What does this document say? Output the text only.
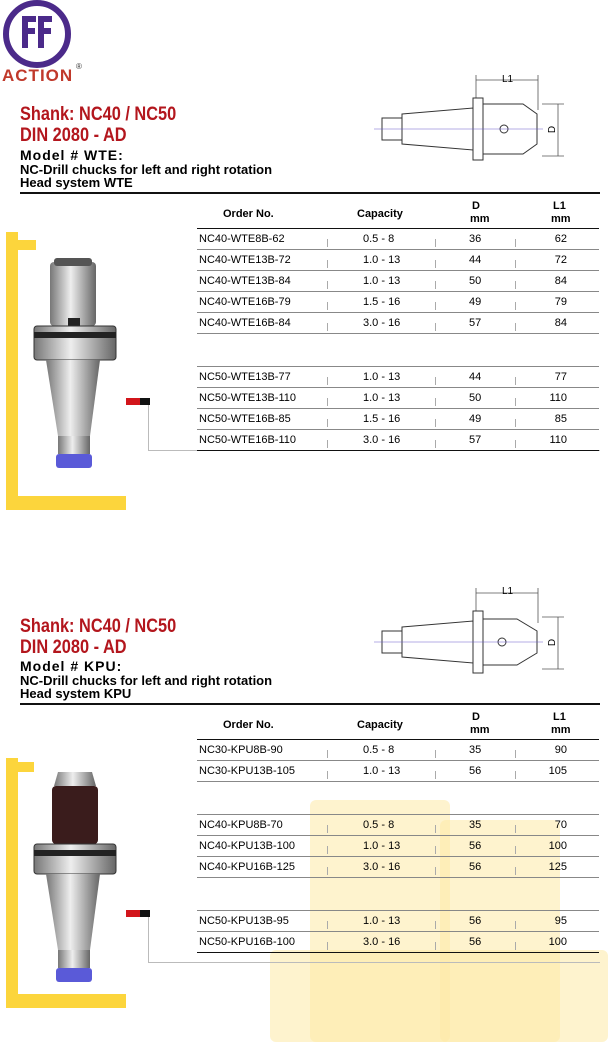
ACTION ®
Shank: NC40 / NC50
DIN 2080 - AD
Model # WTE:
NC-Drill chucks for left and right rotation
Head system WTE
L1
D
Order No.	Capacity
D
mm
L1
mm
NC40-WTE8B-62	0.5 - 8	36	62
NC40-WTE13B-72	1.0 - 13	44	72
NC40-WTE13B-84	1.0 - 13	50	84
NC40-WTE16B-79	1.5 - 16	49	79
NC40-WTE16B-84	3.0 - 16	57	84
NC50-WTE13B-77	1.0 - 13	44	77
NC50-WTE13B-110	1.0 - 13	50	110
NC50-WTE16B-85	1.5 - 16	49	85
NC50-WTE16B-110	3.0 - 16	57	110
Shank: NC40 / NC50
DIN 2080 - AD
Model # KPU:
NC-Drill chucks for left and right rotation
Head system KPU
L1
D
Order No.	Capacity
D
mm
L1
mm
NC30-KPU8B-90	0.5 - 8	35	90
NC30-KPU13B-105	1.0 - 13	56	105
NC40-KPU8B-70	0.5 - 8	35	70
NC40-KPU13B-100	1.0 - 13	56	100
NC40-KPU16B-125	3.0 - 16	56	125
NC50-KPU13B-95	1.0 - 13	56	95
NC50-KPU16B-100	3.0 - 16	56	100
